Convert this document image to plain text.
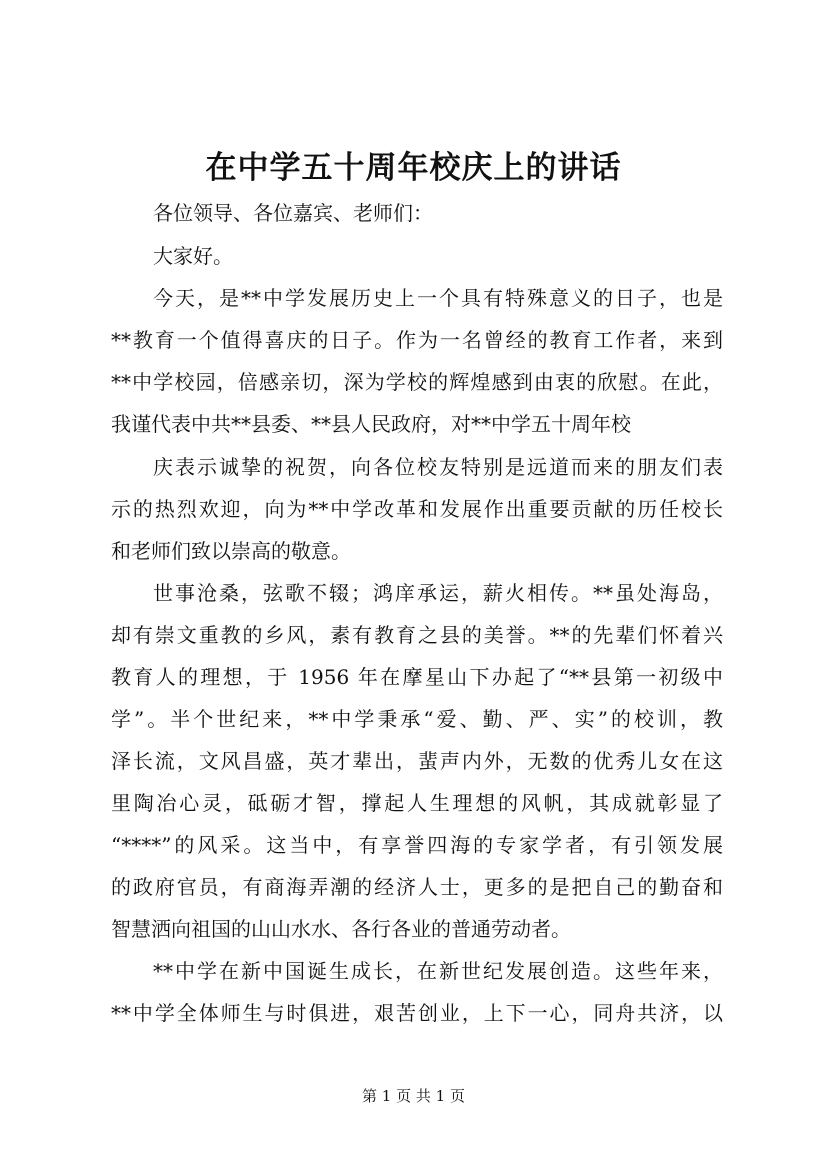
在中学五十周年校庆上的讲话
各位领导、各位嘉宾、老师们：
大家好。
今天，是**中学发展历史上一个具有特殊意义的日子，也是
**教育一个值得喜庆的日子。作为一名曾经的教育工作者，来到
**中学校园，倍感亲切，深为学校的辉煌感到由衷的欣慰。在此，
我谨代表中共**县委、**县人民政府，对**中学五十周年校
庆表示诚挚的祝贺，向各位校友特别是远道而来的朋友们表
示的热烈欢迎，向为**中学改革和发展作出重要贡献的历任校长
和老师们致以崇高的敬意。
世事沧桑，弦歌不辍；鸿庠承运，薪火相传。**虽处海岛，
却有崇文重教的乡风，素有教育之县的美誉。**的先辈们怀着兴
教育人的理想，于 1956 年在摩星山下办起了“**县第一初级中
学”。半个世纪来，**中学秉承“爱、勤、严、实”的校训，教
泽长流，文风昌盛，英才辈出，蜚声内外，无数的优秀儿女在这
里陶冶心灵，砥砺才智，撑起人生理想的风帆，其成就彰显了
“****”的风采。这当中，有享誉四海的专家学者，有引领发展
的政府官员，有商海弄潮的经济人士，更多的是把自己的勤奋和
智慧洒向祖国的山山水水、各行各业的普通劳动者。
**中学在新中国诞生成长，在新世纪发展创造。这些年来，
**中学全体师生与时俱进，艰苦创业，上下一心，同舟共济，以
第 1 页 共 1 页
